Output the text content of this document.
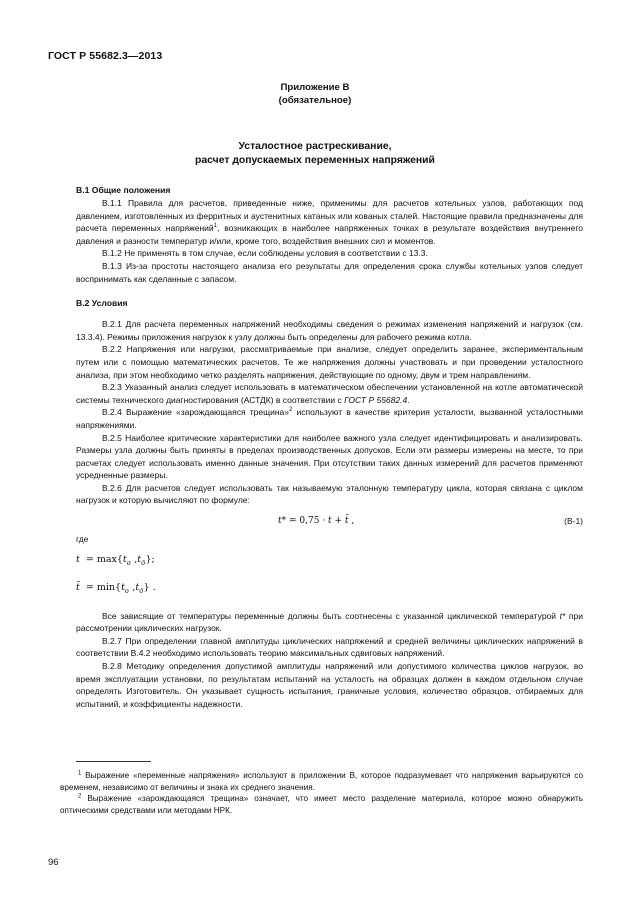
ГОСТ Р 55682.3—2013
Приложение В
(обязательное)
Усталостное растрескивание,
расчет допускаемых переменных напряжений
В.1 Общие положения

В.1.1 Правила для расчетов, приведенные ниже, применимы для расчетов котельных узлов, работающих под давлением, изготовленных из ферритных и аустенитных катаных или кованых сталей. Настоящие правила предназначены для расчета переменных напряжений$^1$, возникающих в наиболее напряженных точках в результате воздействия внутреннего давления и разности температур и/или, кроме того, воздействия внешних сил и моментов.

В.1.2 Не применять в том случае, если соблюдены условия в соответствии с 13.3.

В.1.3 Из-за простоты настоящего анализа его результаты для определения срока службы котельных узлов следует воспринимать как сделанные с запасом.

В.2 Условия

В.2.1 Для расчета переменных напряжений необходимы сведения о режимах изменения напряжений и нагрузок (см. 13.3.4). Режимы приложения нагрузок к узлу должны быть определены для рабочего режима котла.

В.2.2 Напряжения или нагрузки, рассматриваемые при анализе, следует определить заранее, экспериментальным путем или с помощью математических расчетов. Те же напряжения должны участвовать и при проведении усталостного анализа, при этом необходимо четко разделять напряжения, действующие по одному, двум и трем направлениям.

В.2.3 Указанный анализ следует использовать в математическом обеспечении установленной на котле автоматической системы технического диагностирования (АСТДК) в соответствии с ГОСТ Р 55682.4.

В.2.4 Выражение «зарождающаяся трещина»$^2$ используют в качестве критерия усталости, вызванной усталостными напряжениями.

В.2.5 Наиболее критические характеристики для наиболее важного узла следует идентифицировать и анализировать. Размеры узла должны быть приняты в пределах производственных допусков. Если эти размеры измерены на месте, то при расчетах следует использовать именно данные значения. При отсутствии таких данных измерений для расчетов применяют усредненные размеры.

В.2.6 Для расчетов следует использовать так называемую эталонную температуру цикла, которая связана с циклом нагрузок и которую вычисляют по формуле:

t* = 0,75 · t + t̄ ,	(В-1)

где

$t = \max\{t_\sigma$ $,t_{\sigmā}$};
t̄  = $\min\{t_\sigma$ $,t_{\sigmā}$} .

Все зависящие от температуры переменные должны быть соотнесены с указанной циклической температурой t* при рассмотрении циклических нагрузок.

В.2.7 При определении главной амплитуды циклических напряжений и средней величины циклических напряжений в соответствии В.4.2 необходимо использовать теорию максимальных сдвиговых напряжений.

В.2.8 Методику определения допустимой амплитуды напряжений или допустимого количества циклов нагрузок, во время эксплуатации установки, по результатам испытаний на усталость на образцах должен в каждом отдельном случае определять Изготовитель. Он указывает сущность испытания, граничные условия, количество образцов, отбираемых для испытаний, и коэффициенты надежности.

$^1$ Выражение «переменные напряжения» используют в приложении В, которое подразумевает что напряжения варьируются со временем, независимо от величины и знака их среднего значения.

$^2$ Выражение «зарождающаяся трещина» означает, что имеет место разделение материала, которое можно обнаружить оптическими средствами или методами НРК.

96
